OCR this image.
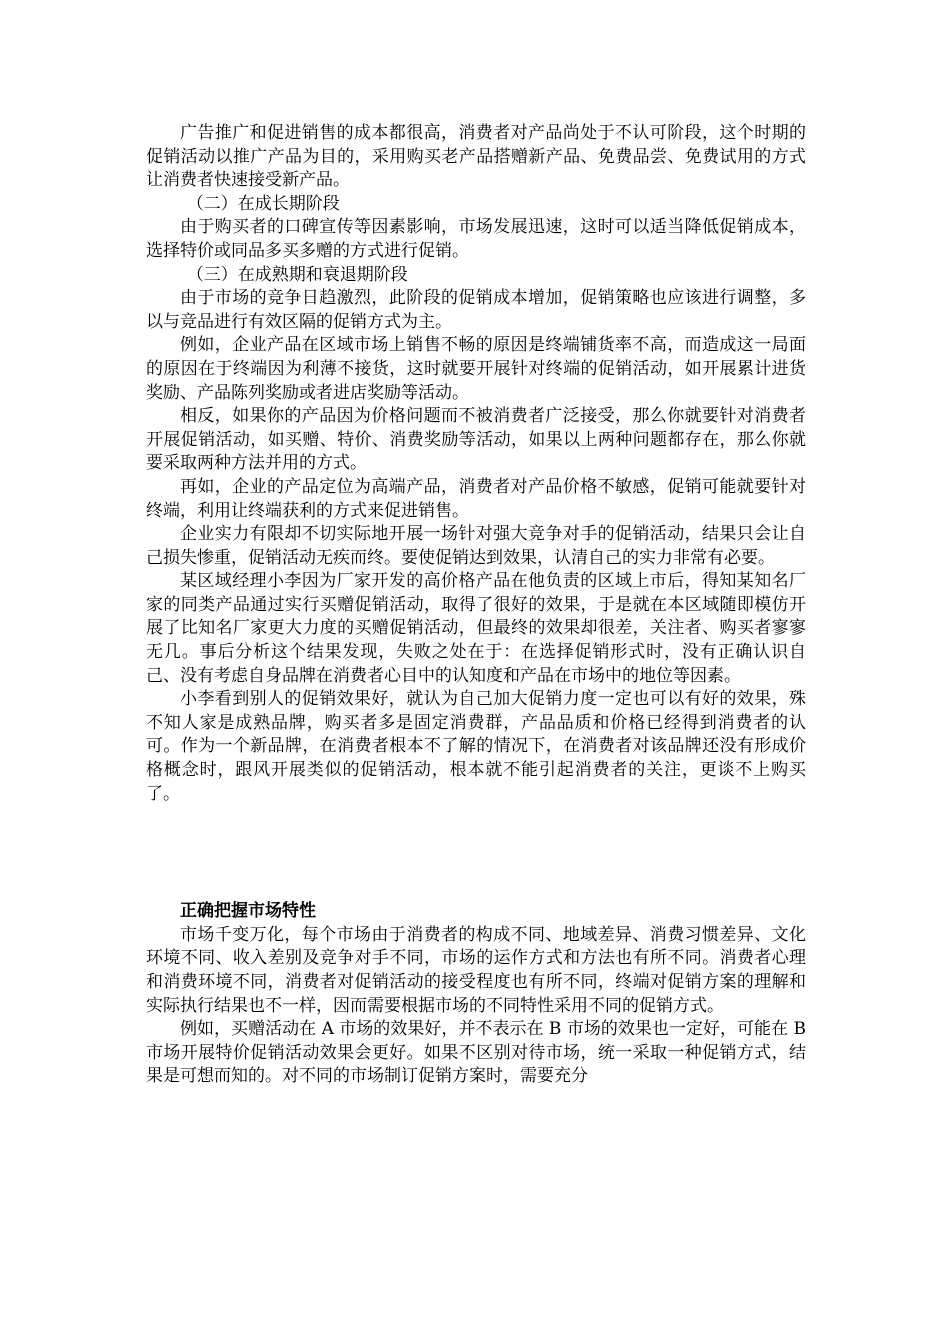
广告推广和促进销售的成本都很高，消费者对产品尚处于不认可阶段，这个时期的促销活动以推广产品为目的，采用购买老产品搭赠新产品、免费品尝、免费试用的方式让消费者快速接受新产品。

（二）在成长期阶段

由于购买者的口碑宣传等因素影响，市场发展迅速，这时可以适当降低促销成本，选择特价或同品多买多赠的方式进行促销。

（三）在成熟期和衰退期阶段

由于市场的竞争日趋激烈，此阶段的促销成本增加，促销策略也应该进行调整，多以与竞品进行有效区隔的促销方式为主。

例如，企业产品在区域市场上销售不畅的原因是终端铺货率不高，而造成这一局面的原因在于终端因为利薄不接货，这时就要开展针对终端的促销活动，如开展累计进货奖励、产品陈列奖励或者进店奖励等活动。

相反，如果你的产品因为价格问题而不被消费者广泛接受，那么你就要针对消费者开展促销活动，如买赠、特价、消费奖励等活动，如果以上两种问题都存在，那么你就要采取两种方法并用的方式。

再如，企业的产品定位为高端产品，消费者对产品价格不敏感，促销可能就要针对终端，利用让终端获利的方式来促进销售。

企业实力有限却不切实际地开展一场针对强大竞争对手的促销活动，结果只会让自己损失惨重，促销活动无疾而终。要使促销达到效果，认清自己的实力非常有必要。

某区域经理小李因为厂家开发的高价格产品在他负责的区域上市后，得知某知名厂家的同类产品通过实行买赠促销活动，取得了很好的效果，于是就在本区域随即模仿开展了比知名厂家更大力度的买赠促销活动，但最终的效果却很差，关注者、购买者寥寥无几。事后分析这个结果发现，失败之处在于：在选择促销形式时，没有正确认识自己、没有考虑自身品牌在消费者心目中的认知度和产品在市场中的地位等因素。

小李看到别人的促销效果好，就认为自己加大促销力度一定也可以有好的效果，殊不知人家是成熟品牌，购买者多是固定消费群，产品品质和价格已经得到消费者的认可。作为一个新品牌，在消费者根本不了解的情况下，在消费者对该品牌还没有形成价格概念时，跟风开展类似的促销活动，根本就不能引起消费者的关注，更谈不上购买了。

正确把握市场特性

市场千变万化，每个市场由于消费者的构成不同、地域差异、消费习惯差异、文化环境不同、收入差别及竞争对手不同，市场的运作方式和方法也有所不同。消费者心理和消费环境不同，消费者对促销活动的接受程度也有所不同，终端对促销方案的理解和实际执行结果也不一样，因而需要根据市场的不同特性采用不同的促销方式。

例如，买赠活动在 A 市场的效果好，并不表示在 B 市场的效果也一定好，可能在 B 市场开展特价促销活动效果会更好。如果不区别对待市场，统一采取一种促销方式，结果是可想而知的。对不同的市场制订促销方案时，需要充分
